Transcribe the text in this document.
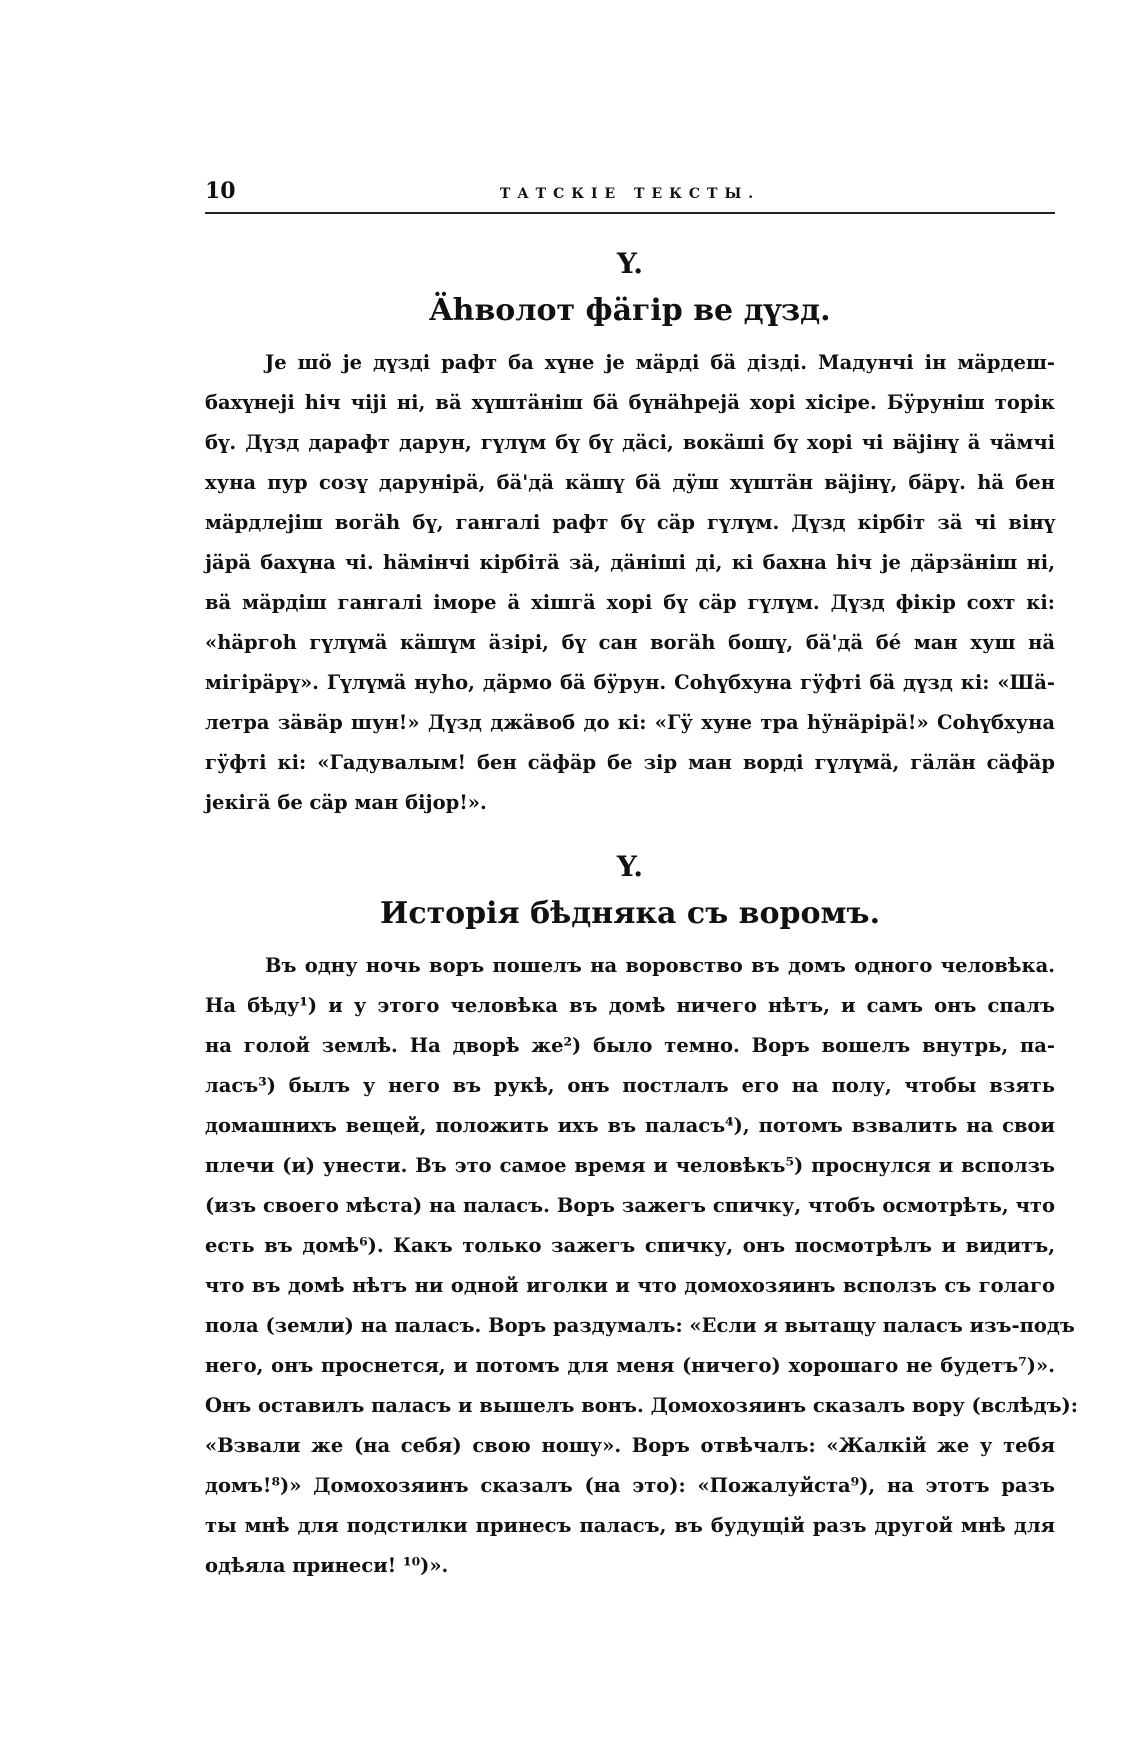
10	ТАТСКІЕ ТЕКСТЫ.
Y.
Ähволот фäгір ве дүзд.

Jе шö jе дүзді рафт ба хүне jе мäрді бä дізді. Мадунчі ін мäрдеш-
бахүнеjі hіч чіjі ні, вä хүштäніш бä бүнähреjä хорі хісіре. Бӱруніш торік
бү. Дүзд дарафт дарун, гүлүм бү бү дäсі, вокäші бү хорі чі вäjінү ä чäмчі
хуна пур созү дарунірä, бä'дä кäшү бä дӱш хүштäн вäjінү, бäрү. hä бен
мäрдлеjіш вогäh бү, гангалі рафт бү сäр гүлүм. Дүзд кірбіт зä чі вінү
jäрä бахүна чі. häмінчі кірбітä зä, дäніші ді, кі бахна hіч jе дäрзäніш ні,
вä мäрдіш гангалі іморе ä хішгä хорі бү сäр гүлүм. Дүзд фікір сохт кі:
«häргоh гүлүмä кäшүм äзірі, бү сан вогäh бошү, бä'дä бé ман хуш нä
мігірäрү». Гүлүмä нуhо, дäрмо бä бӱрун. Соhүбхуна гӱфті бä дүзд кі: «Шä-
летра зäвäр шун!» Дүзд джäвоб до кі: «Гӱ хуне тра hӱнäрірä!» Соhүбхуна
гӱфті кі: «Гадувалым! бен сäфäр бе зір ман ворді гүлүмä, гäлäн сäфäр
jекігä бе сäр ман біjор!».

Y.
Исторія бѣдняка съ воромъ.

Въ одну ночь воръ пошелъ на воровство въ домъ одного человѣка.
На бѣду¹) и у этого человѣка въ домѣ ничего нѣтъ, и самъ онъ спалъ
на голой землѣ. На дворѣ же²) было темно. Воръ вошелъ внутрь, па-
ласъ³) былъ у него въ рукѣ, онъ постлалъ его на полу, чтобы взять
домашнихъ вещей, положить ихъ въ паласъ⁴), потомъ взвалить на свои
плечи (и) унести. Въ это самое время и человѣкъ⁵) проснулся и всползъ
(изъ своего мѣста) на паласъ. Воръ зажегъ спичку, чтобъ осмотрѣть, что
есть въ домѣ⁶). Какъ только зажегъ спичку, онъ посмотрѣлъ и видитъ,
что въ домѣ нѣтъ ни одной иголки и что домохозяинъ всползъ съ голаго
пола (земли) на паласъ. Воръ раздумалъ: «Если я вытащу паласъ изъ-подъ
него, онъ проснется, и потомъ для меня (ничего) хорошаго не будетъ⁷)».
Онъ оставилъ паласъ и вышелъ вонъ. Домохозяинъ сказалъ вору (вслѣдъ):
«Взвали же (на себя) свою ношу». Воръ отвѣчалъ: «Жалкій же у тебя
домъ!⁸)» Домохозяинъ сказалъ (на это): «Пожалуйста⁹), на этотъ разъ
ты мнѣ для подстилки принесъ паласъ, въ будущій разъ другой мнѣ для
одѣяла принеси! ¹⁰)».
